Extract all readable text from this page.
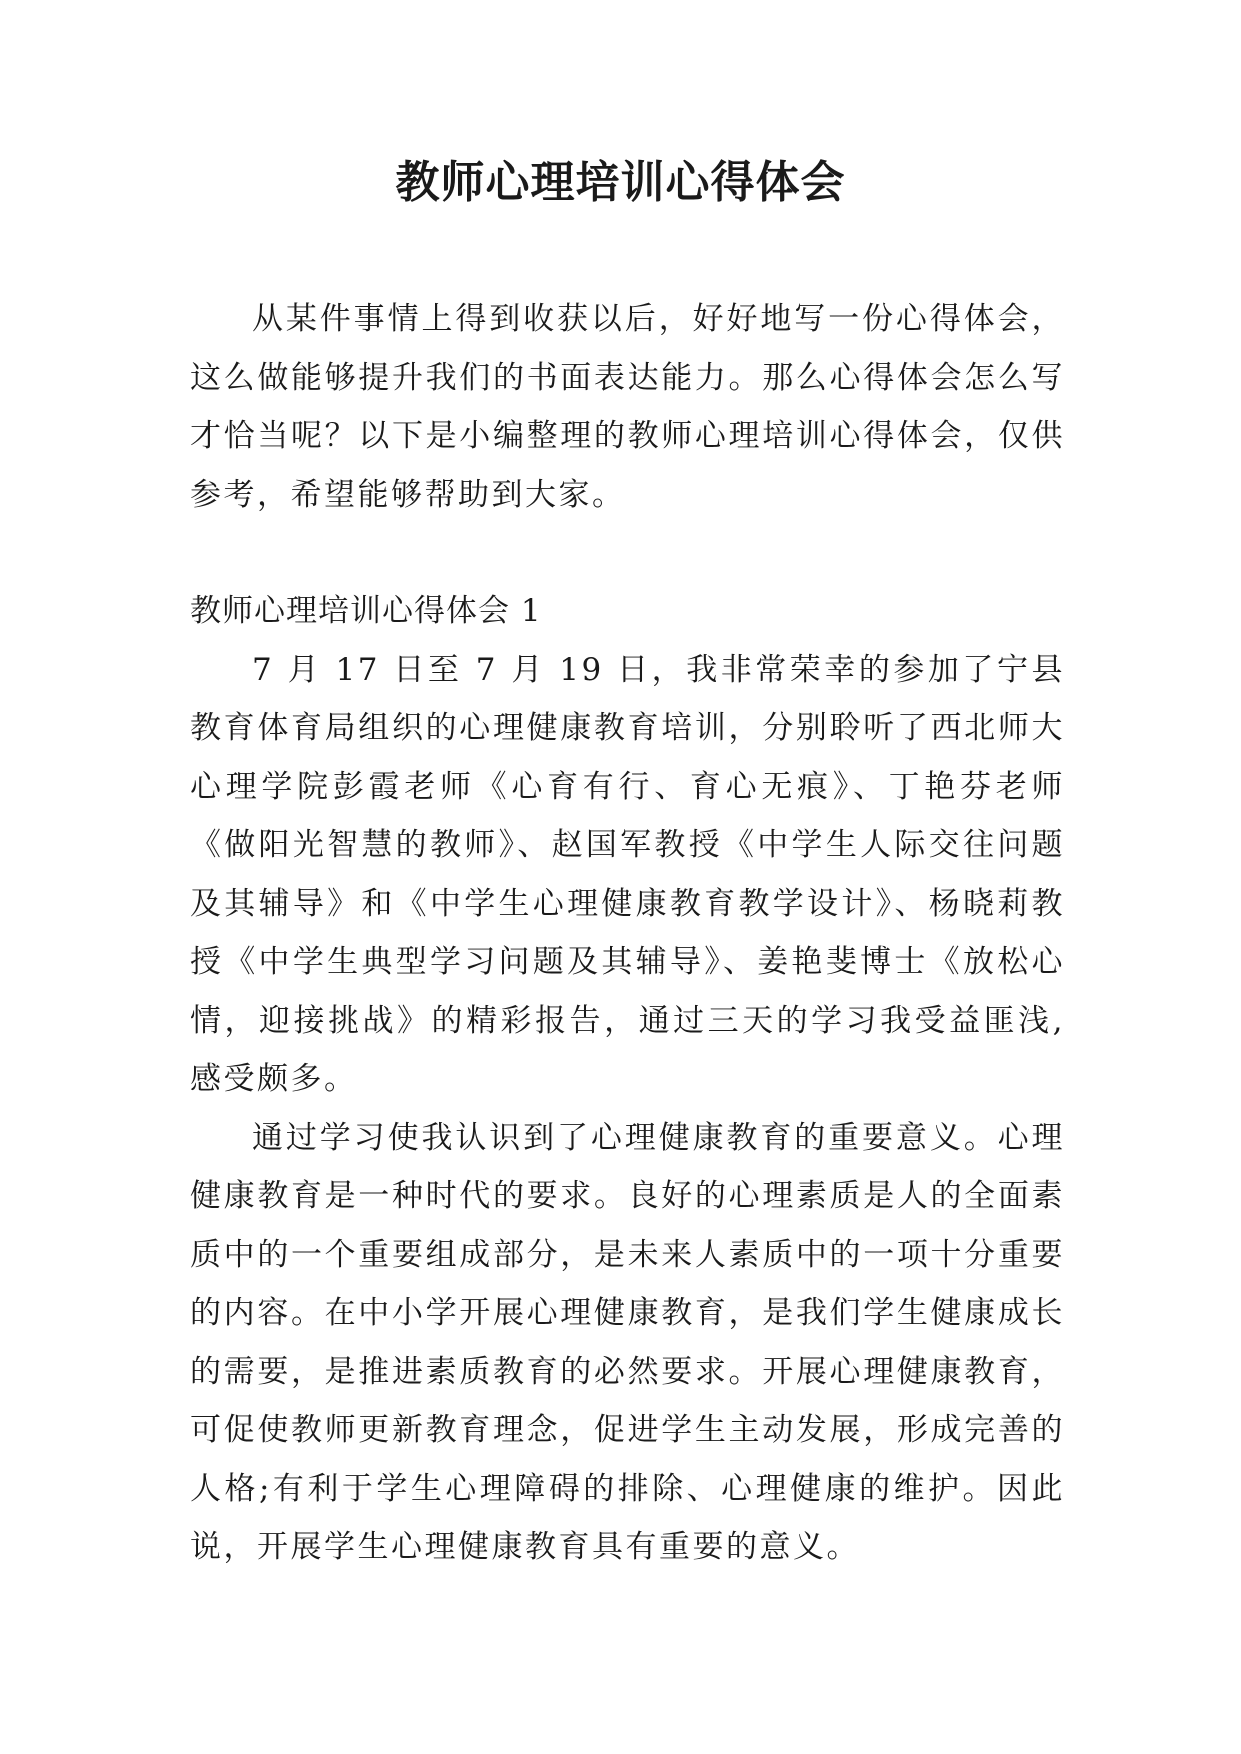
教师心理培训心得体会

从某件事情上得到收获以后，好好地写一份心得体会，这么做能够提升我们的书面表达能力。那么心得体会怎么写才恰当呢？以下是小编整理的教师心理培训心得体会，仅供参考，希望能够帮助到大家。

教师心理培训心得体会 1

7 月 17 日至 7 月 19 日，我非常荣幸的参加了宁县教育体育局组织的心理健康教育培训，分别聆听了西北师大心理学院彭霞老师《心育有行、育心无痕》、丁艳芬老师《做阳光智慧的教师》、赵国军教授《中学生人际交往问题及其辅导》和《中学生心理健康教育教学设计》、杨晓莉教授《中学生典型学习问题及其辅导》、姜艳斐博士《放松心情，迎接挑战》的精彩报告，通过三天的学习我受益匪浅,感受颇多。

通过学习使我认识到了心理健康教育的重要意义。心理健康教育是一种时代的要求。良好的心理素质是人的全面素质中的一个重要组成部分，是未来人素质中的一项十分重要的内容。在中小学开展心理健康教育，是我们学生健康成长的需要，是推进素质教育的必然要求。开展心理健康教育，可促使教师更新教育理念，促进学生主动发展，形成完善的人格;有利于学生心理障碍的排除、心理健康的维护。因此说，开展学生心理健康教育具有重要的意义。
